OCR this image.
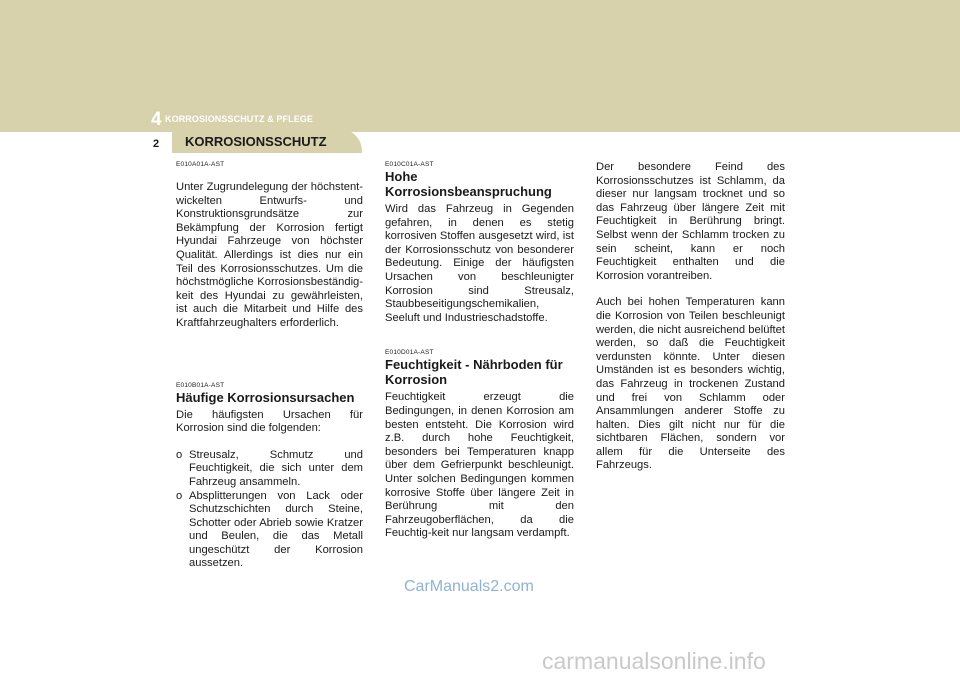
4 KORROSIONSSCHUTZ & PFLEGE
2 KORROSIONSSCHUTZ

E010A01A-AST

Unter Zugrundelegung der höchstent-wickelten Entwurfs- und Konstruktionsgrundsätze zur Bekämpfung der Korrosion fertigt Hyundai Fahrzeuge von höchster Qualität. Allerdings ist dies nur ein Teil des Korrosionsschutzes. Um die höchstmögliche Korrosionsbeständig-keit des Hyundai zu gewährleisten, ist auch die Mitarbeit und Hilfe des Kraftfahrzeughalters erforderlich.

E010B01A-AST

Häufige Korrosionsursachen

Die häufigsten Ursachen für Korrosion sind die folgenden:

o Streusalz, Schmutz und Feuchtigkeit, die sich unter dem Fahrzeug ansammeln.
o Absplitterungen von Lack oder Schutzschichten durch Steine, Schotter oder Abrieb sowie Kratzer und Beulen, die das Metall ungeschützt der Korrosion aussetzen.

E010C01A-AST

Hohe Korrosionsbeanspruchung

Wird das Fahrzeug in Gegenden gefahren, in denen es stetig korrosiven Stoffen ausgesetzt wird, ist der Korrosionsschutz von besonderer Bedeutung. Einige der häufigsten Ursachen von beschleunigter Korrosion sind Streusalz, Staubbeseitigungschemikalien, Seeluft und Industrieschadstoffe.

E010D01A-AST

Feuchtigkeit - Nährboden für Korrosion

Feuchtigkeit erzeugt die Bedingungen, in denen Korrosion am besten entsteht. Die Korrosion wird z.B. durch hohe Feuchtigkeit, besonders bei Temperaturen knapp über dem Gefrierpunkt beschleunigt. Unter solchen Bedingungen kommen korrosive Stoffe über längere Zeit in Berührung mit den Fahrzeugoberflächen, da die Feuchtig-keit nur langsam verdampft.

Der besondere Feind des Korrosionsschutzes ist Schlamm, da dieser nur langsam trocknet und so das Fahrzeug über längere Zeit mit Feuchtigkeit in Berührung bringt. Selbst wenn der Schlamm trocken zu sein scheint, kann er noch Feuchtigkeit enthalten und die Korrosion vorantreiben.

Auch bei hohen Temperaturen kann die Korrosion von Teilen beschleunigt werden, die nicht ausreichend belüftet werden, so daß die Feuchtigkeit verdunsten könnte. Unter diesen Umständen ist es besonders wichtig, das Fahrzeug in trockenen Zustand und frei von Schlamm oder Ansammlungen anderer Stoffe zu halten. Dies gilt nicht nur für die sichtbaren Flächen, sondern vor allem für die Unterseite des Fahrzeugs.

CarManuals2.com
carmanualsonline.info
